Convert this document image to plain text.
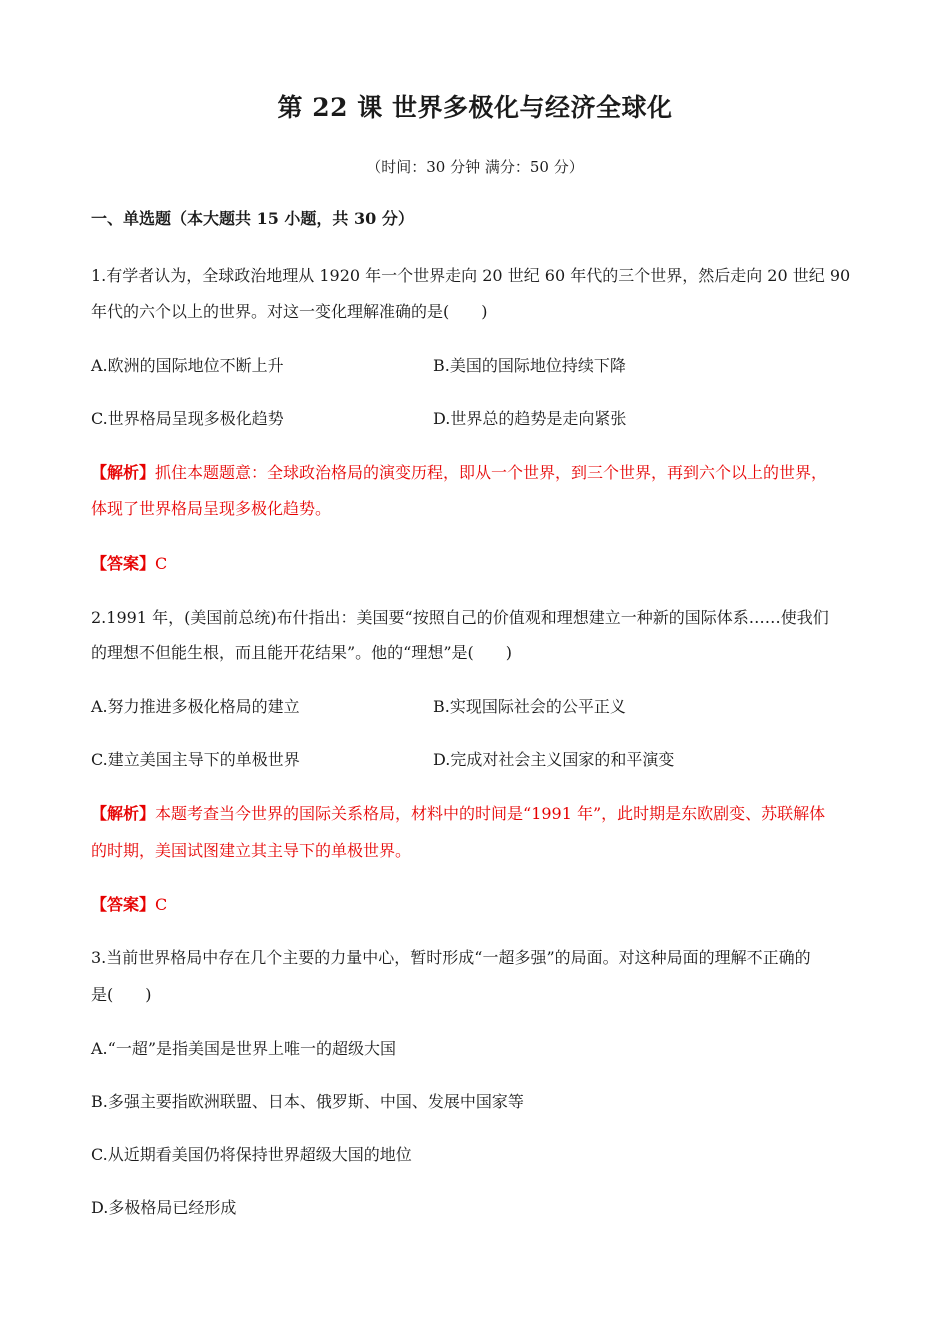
第 22 课 世界多极化与经济全球化
（时间：30 分钟 满分：50 分）
一、单选题（本大题共 15 小题，共 30 分）
1.有学者认为，全球政治地理从 1920 年一个世界走向 20 世纪 60 年代的三个世界，然后走向 20 世纪 90
年代的六个以上的世界。对这一变化理解准确的是(　　)
A.欧洲的国际地位不断上升	B.美国的国际地位持续下降
C.世界格局呈现多极化趋势	D.世界总的趋势是走向紧张
【解析】抓住本题题意：全球政治格局的演变历程，即从一个世界，到三个世界，再到六个以上的世界，
体现了世界格局呈现多极化趋势。
【答案】C
2.1991 年，(美国前总统)布什指出：美国要“按照自己的价值观和理想建立一种新的国际体系……使我们
的理想不但能生根，而且能开花结果”。他的“理想”是(　　)
A.努力推进多极化格局的建立	B.实现国际社会的公平正义
C.建立美国主导下的单极世界	D.完成对社会主义国家的和平演变
【解析】本题考查当今世界的国际关系格局，材料中的时间是“1991 年”，此时期是东欧剧变、苏联解体
的时期，美国试图建立其主导下的单极世界。
【答案】C
3.当前世界格局中存在几个主要的力量中心，暂时形成“一超多强”的局面。对这种局面的理解不正确的
是(　　)
A.“一超”是指美国是世界上唯一的超级大国
B.多强主要指欧洲联盟、日本、俄罗斯、中国、发展中国家等
C.从近期看美国仍将保持世界超级大国的地位
D.多极格局已经形成
